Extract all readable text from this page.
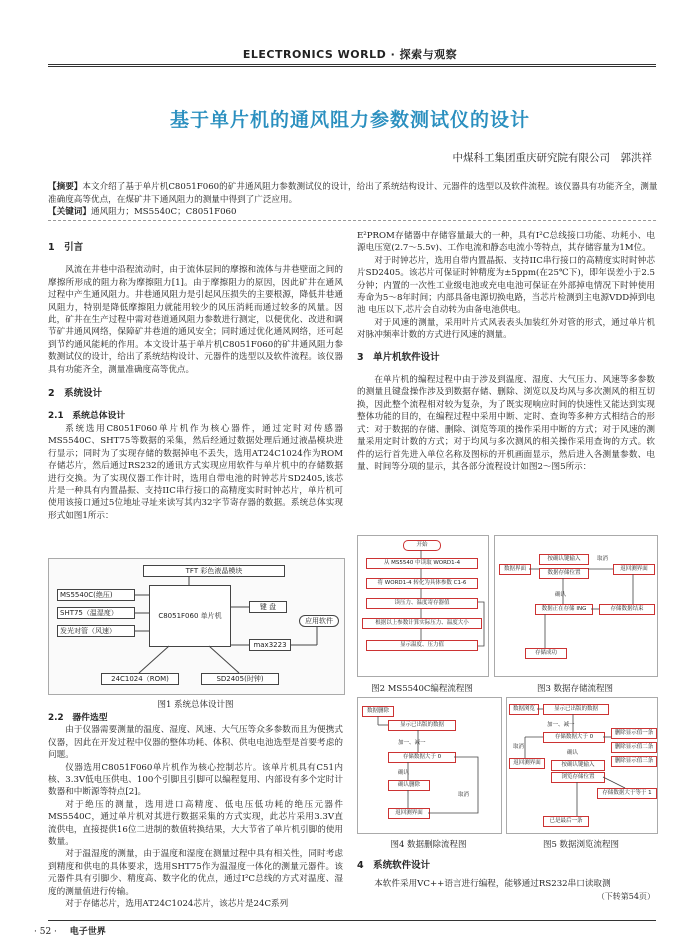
ELECTRONICS WORLD · 探索与观察
基于单片机的通风阻力参数测试仪的设计
中煤科工集团重庆研究院有限公司　郭洪祥
【摘要】本文介绍了基于单片机C8051F060的矿井通风阻力参数测试仪的设计，给出了系统结构设计、元器件的选型以及软件流程。该仪器具有功能齐全，测量准确度高等优点，在煤矿井下通风阻力的测量中得到了广泛应用。
【关键词】通风阻力；MS5540C；C8051F060
1　引言

风流在井巷中沿程流动时，由于流体层间的摩擦和流体与井巷壁面之间的摩擦所形成的阻力称为摩擦阻力[1]。由于摩擦阻力的原因，因此矿井在通风过程中产生通风阻力。井巷通风阻力是引起风压损失的主要根源，降低井巷通风阻力，特别是降低摩擦阻力就能用较少的风压消耗而通过较多的风量。因此，矿井在生产过程中需对巷道通风阻力参数进行测定，以便优化、改进和调节矿井通风网络，保障矿井巷道的通风安全；同时通过优化通风网络，还可起到节约通风能耗的作用。本文设计基于单片机C8051F060的矿井通风阻力参数测试仪的设计，给出了系统结构设计、元器件的选型以及软件流程。该仪器具有功能齐全，测量准确度高等优点。

2　系统设计
2.1　系统总体设计

系统选用C8051F060单片机作为核心器件，通过定时对传感器MS5540C、SHT75等数据的采集，然后经通过数据处理后通过液晶模块进行显示；同时为了实现存储的数据掉电不丢失，选用AT24C1024作为ROM存储芯片，然后通过RS232的通讯方式实现应用软件与单片机中的存储数据进行交换。为了实现仪器工作计时，选用自带电池的时钟芯片SD2405,该芯片是一种具有内置晶振、支持IIC串行接口的高精度实时时钟芯片，单片机可使用该接口通过5位地址寻址来读写其内32字节寄存器的数据。系统总体实现形式如图1所示：

TFT 彩色液晶模块
MS5540C(绝压)
SHT75（温湿度）
发光对管（风速）
C8051F060 单片机
键 盘
max3223
应用软件
24C1024（ROM)	SD2405(时钟)
图1 系统总体设计图
2.2　器件选型

由于仪器需要测量的温度、湿度、风速、大气压等众多参数而且为便携式仪器，因此在开发过程中仪器的整体功耗、体积、供电电池选型是首要考虑的问题。

仪器选用C8051F060单片机作为核心控制芯片。该单片机具有C51内核、3.3V低电压供电、100个引脚且引脚可以编程复用、内部设有多个定时计数器和中断源等特点[2]。

对于绝压的测量，选用进口高精度、低电压低功耗的绝压元器件MS5540C，通过单片机对其进行数据采集的方式实现，此芯片采用3.3V直流供电，直接提供16位二进制的数值转换结果，大大节省了单片机引脚的使用数量。

对于温湿度的测量，由于温度和湿度在测量过程中具有相关性，同时考虑到精度和供电的具体要求，选用SHT75作为温湿度一体化的测量元器件。该元器件具有引脚少、精度高、数字化的优点，通过I²C总线的方式对温度、湿度的测量值进行传输。

对于存储芯片，选用AT24C1024芯片，该芯片是24C系列

E²PROM存储器中存储容量最大的一种，具有I²C总线接口功能、功耗小、电源电压宽(2.7～5.5v)、工作电流和静态电流小等特点，其存储容量为1M位。

对于时钟芯片，选用自带内置晶振、支持IIC串行接口的高精度实时时钟芯片SD2405。该芯片可保证时钟精度为±5ppm(在25℃下)，即年误差小于2.5 分钟；内置的一次性工业级电池或充电电池可保证在外部掉电情况下时钟使用寿命为5～8年时间；内部具备电源切换电路，当芯片检测到主电源VDD掉到电池 电压以下,芯片会自动转为由备电池供电。

对于风速的测量，采用叶片式风表表头加装红外对管的形式，通过单片机对脉冲频率计数的方式进行风速的测量。

3　单片机软件设计

在单片机的编程过程中由于涉及到温度、湿度、大气压力、风速等多参数的测量且键盘操作涉及到数据存储、删除、浏览以及均风与多次测风的相互切换，因此整个流程相对较为复杂，为了既实现响应时间的快速性又能达到实现整体功能的目的，在编程过程中采用中断、定时、查询等多种方式相结合的形式：对于数据的存储、删除、浏览等项的操作采用中断的方式；对于风速的测量采用定时计数的方式；对于均风与多次测风的相关操作采用查询的方式。软件的运行首先进入单位名称及图标的开机画面显示，然后进入各测量参数、电量、时间等分项的显示，其各部分流程设计如图2～图5所示：

开始
从 MS5540 中读取 WORD1-4
将 WORD1-4 转化为具体参数 C1-6
读压力、温度寄存器值
根据以上参数计算实际压力、温度大小
显示温度、压力值
图2 MS5540C编程流程图
数据界面
按确认键输入
数据存储位置
取消
返回测界面
确认
数据正在存储 ING	存储数据结束
存储成功
图3 数据存储流程图
数据删除
显示已出版的数据
加一、减一
存储数据大于 0
确认
确认删除
取消
返回测界面
图4 数据删除流程图
数据浏览	显示已出版的数据
加一、减一
存储数据大于 0
取消
返回测界面
删除显示值一条
删除显示值二条
删除显示值三条
确认
按确认键输入
浏览存储位置
存储数据大于等于 1
已是最后一条
图5 数据浏览流程图
4　系统软件设计

本软件采用VC++语言进行编程，能够通过RS232串口读取测

（下转第54页）
· 52 · 电子世界
